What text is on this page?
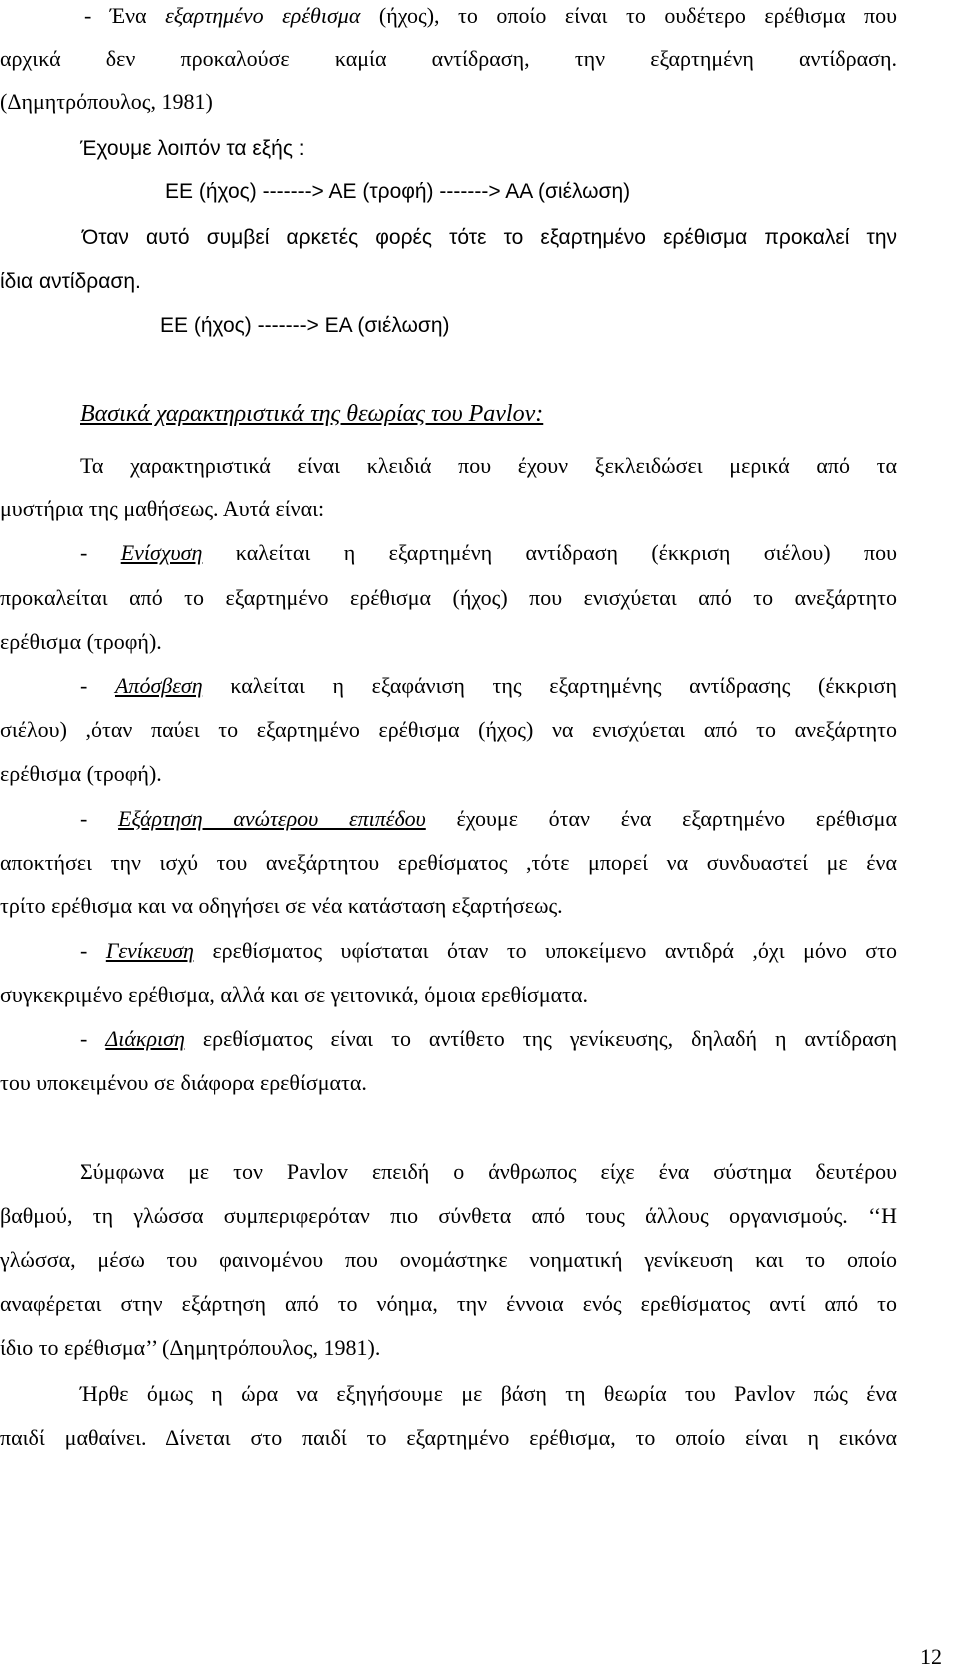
- Ένα εξαρτημένο ερέθισμα (ήχος), το οποίο είναι το ουδέτερο ερέθισμα που
αρχικά δεν προκαλούσε καμία αντίδραση, την εξαρτημένη αντίδραση.
(Δημητρόπουλος, 1981)
Έχουμε λοιπόν τα εξής :
ΕΕ (ήχος) -------> ΑΕ (τροφή) -------> ΑΑ (σιέλωση)
Όταν αυτό συμβεί αρκετές φορές τότε το εξαρτημένο ερέθισμα προκαλεί την
ίδια αντίδραση.
ΕΕ (ήχος) -------> ΕΑ (σιέλωση)
Βασικά χαρακτηριστικά της θεωρίας του Pavlov:
Τα χαρακτηριστικά είναι κλειδιά που έχουν ξεκλειδώσει μερικά από τα
μυστήρια της μαθήσεως. Αυτά είναι:
- Ενίσχυση καλείται η εξαρτημένη αντίδραση (έκκριση σιέλου) που
προκαλείται από το εξαρτημένο ερέθισμα (ήχος) που ενισχύεται από το ανεξάρτητο
ερέθισμα (τροφή).
- Απόσβεση καλείται η εξαφάνιση της εξαρτημένης αντίδρασης (έκκριση
σιέλου) ,όταν παύει το εξαρτημένο ερέθισμα (ήχος) να ενισχύεται από το ανεξάρτητο
ερέθισμα (τροφή).
- Εξάρτηση ανώτερου επιπέδου έχουμε όταν ένα εξαρτημένο ερέθισμα
αποκτήσει την ισχύ του ανεξάρτητου ερεθίσματος ,τότε μπορεί να συνδυαστεί με ένα
τρίτο ερέθισμα και να οδηγήσει σε νέα κατάσταση εξαρτήσεως.
- Γενίκευση ερεθίσματος υφίσταται όταν το υποκείμενο αντιδρά ,όχι μόνο στο
συγκεκριμένο ερέθισμα, αλλά και σε γειτονικά, όμοια ερεθίσματα.
- Διάκριση ερεθίσματος είναι το αντίθετο της γενίκευσης, δηλαδή η αντίδραση
του υποκειμένου σε διάφορα ερεθίσματα.
Σύμφωνα με τον Pavlov επειδή ο άνθρωπος είχε ένα σύστημα δευτέρου
βαθμού, τη γλώσσα συμπεριφερόταν πιο σύνθετα από τους άλλους οργανισμούς. ‘‘Η
γλώσσα, μέσω του φαινομένου που ονομάστηκε νοηματική γενίκευση και το οποίο
αναφέρεται στην εξάρτηση από το νόημα, την έννοια ενός ερεθίσματος αντί από το
ίδιο το ερέθισμα’’ (Δημητρόπουλος, 1981).
Ήρθε όμως η ώρα να εξηγήσουμε με βάση τη θεωρία του Pavlov πώς ένα
παιδί μαθαίνει. Δίνεται στο παιδί το εξαρτημένο ερέθισμα, το οποίο είναι η εικόνα
12
